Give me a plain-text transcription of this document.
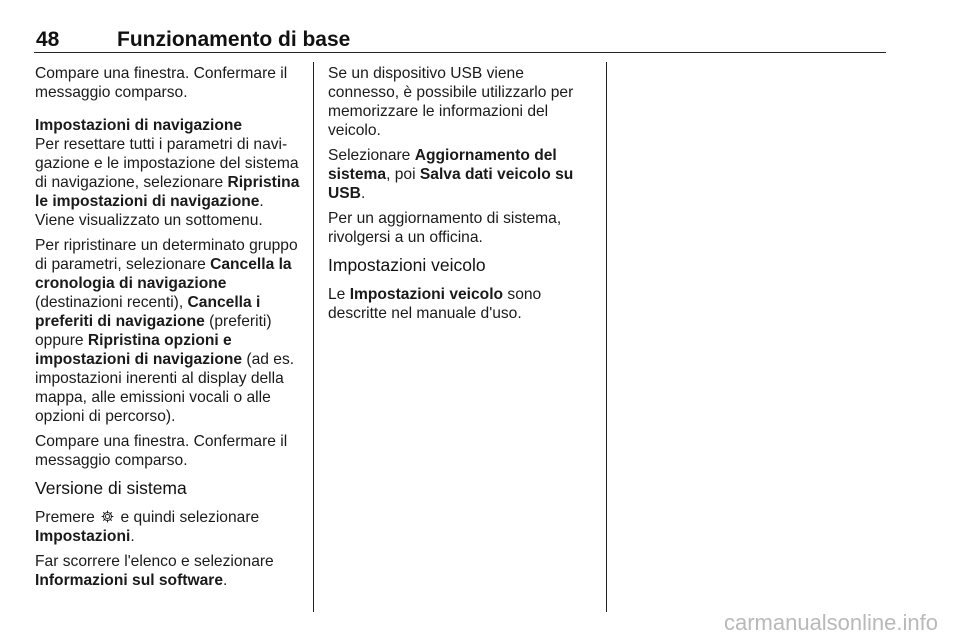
48	Funzionamento di base

Compare una finestra. Confermare il messaggio comparso.

Impostazioni di navigazione

Per resettare tutti i parametri di navi-gazione e le impostazione del sistema di navigazione, selezionare Ripristina le impostazioni di navigazione. Viene visualizzato un sottomenu.

Per ripristinare un determinato gruppo di parametri, selezionare Cancella la cronologia di navigazione (destinazioni recenti), Cancella i preferiti di navigazione (preferiti) oppure Ripristina opzioni e impostazioni di navigazione (ad es. impostazioni inerenti al display della mappa, alle emissioni vocali o alle opzioni di percorso).

Compare una finestra. Confermare il messaggio comparso.

Versione di sistema

Premere e quindi selezionare Impostazioni.

Far scorrere l'elenco e selezionare Informazioni sul software.

Se un dispositivo USB viene connesso, è possibile utilizzarlo per memorizzare le informazioni del veicolo.

Selezionare Aggiornamento del sistema, poi Salva dati veicolo su USB.

Per un aggiornamento di sistema, rivolgersi a un officina.

Impostazioni veicolo

Le Impostazioni veicolo sono descritte nel manuale d'uso.

carmanualsonline.info
